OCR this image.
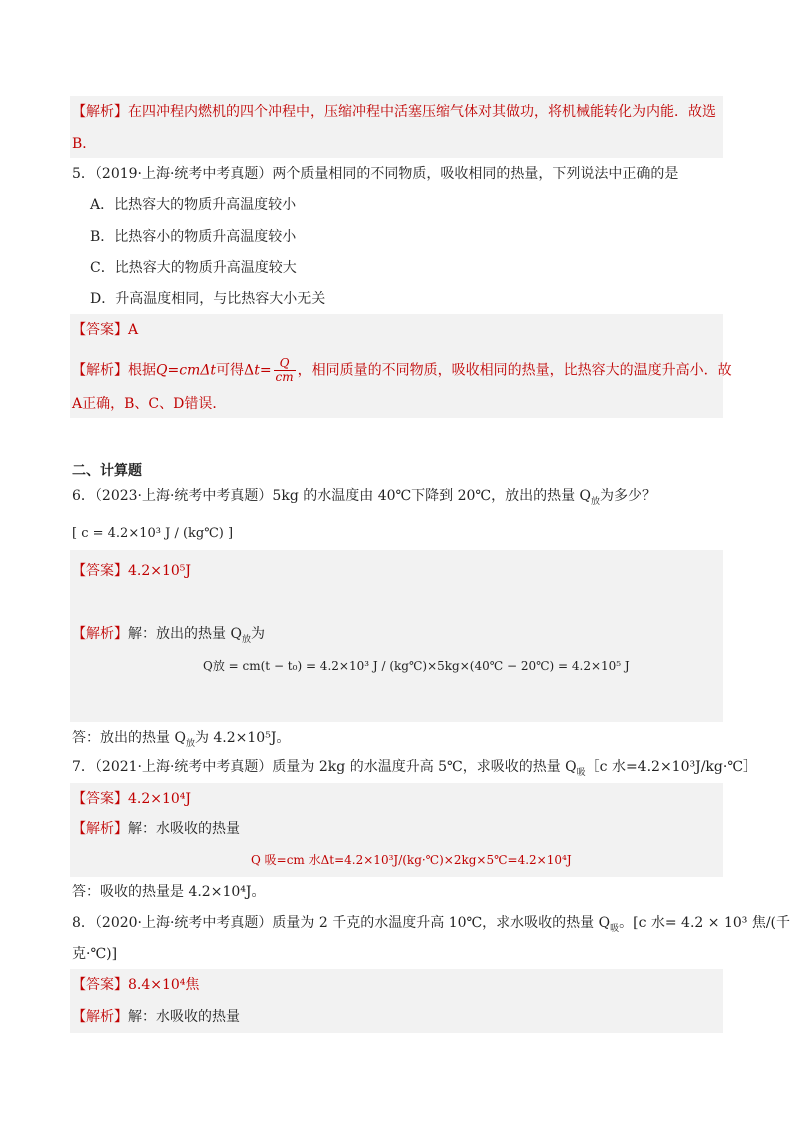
【解析】在四冲程内燃机的四个冲程中，压缩冲程中活塞压缩气体对其做功，将机械能转化为内能．故选
B．
5．（2019·上海·统考中考真题）两个质量相同的不同物质，吸收相同的热量，下列说法中正确的是
A．比热容大的物质升高温度较小
B．比热容小的物质升高温度较小
C．比热容大的物质升高温度较大
D．升高温度相同，与比热容大小无关
【答案】A
【解析】根据Q=cmΔt可得$\Delta t= \frac{Q}{cm}$ ，相同质量的不同物质，吸收相同的热量，比热容大的温度升高小．故
A正确，B、C、D错误．
二、计算题
6．（2023·上海·统考中考真题）5kg 的水温度由 40℃下降到 20℃，放出的热量 $Q_放$为多少？
[ c = 4.2×10³ J / (kg℃) ]
【答案】4.2×10⁵J
【解析】解：放出的热量 $Q_放$为
Q放 = cm(t − t₀) = 4.2×10³ J / (kg℃)×5kg×(40℃ − 20℃) = 4.2×10⁵ J
答：放出的热量 $Q_放$为 4.2×10⁵J。
7．（2021·上海·统考中考真题）质量为 2kg 的水温度升高 5℃，求吸收的热量 $Q_吸[c$ 水=4.2×10³J/kg·℃］
【答案】4.2×10⁴J
【解析】解：水吸收的热量
Q 吸=cm 水Δt=4.2×10³J/(kg·℃)×2kg×5℃=4.2×10⁴J
答：吸收的热量是 4.2×10⁴J。
8．（2020·上海·统考中考真题）质量为 2 千克的水温度升高 10℃，求水吸收的热量 $Q_吸$。[c 水= 4.2 × 10³ 焦/(千
克·℃)]
【答案】8.4×10⁴焦
【解析】解：水吸收的热量
